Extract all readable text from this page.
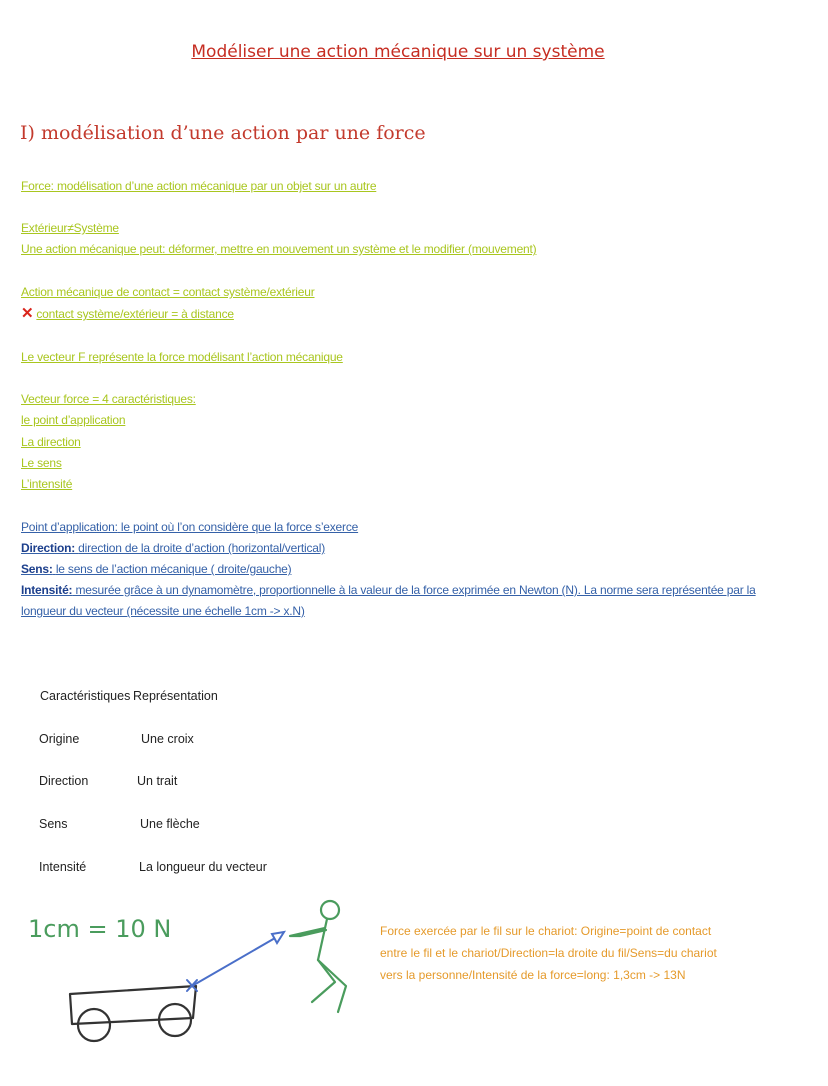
Modéliser une action mécanique sur un système
I) modélisation d’une action par une force
Force: modélisation d’une action mécanique par un objet sur un autre
Extérieur≠Système
Une action mécanique peut: déformer, mettre en mouvement un système et le modifier (mouvement)
Action mécanique de contact = contact système/extérieur
✕ contact système/extérieur = à distance
Le vecteur F représente la force modélisant l’action mécanique
Vecteur force = 4 caractéristiques:
le point d’application
La direction
Le sens
L’intensité
Point d’application: le point où l’on considère que la force s’exerce
Direction: direction de la droite d’action (horizontal/vertical)
Sens: le sens de l’action mécanique ( droite/gauche)
Intensité: mesurée grâce à un dynamomètre, proportionnelle à la valeur de la force exprimée en Newton (N). La norme sera représentée par la longueur du vecteur (nécessite une échelle 1cm -> x.N)
Caractéristiques Représentation
Origine	Une croix
Direction	Un trait
Sens	Une flèche
Intensité	La longueur du vecteur
1cm = 10 N	Force exercée par le fil sur le chariot: Origine=point de contact entre le fil et le chariot/Direction=la droite du fil/Sens=du chariot vers la personne/Intensité de la force=long: 1,3cm -> 13N
